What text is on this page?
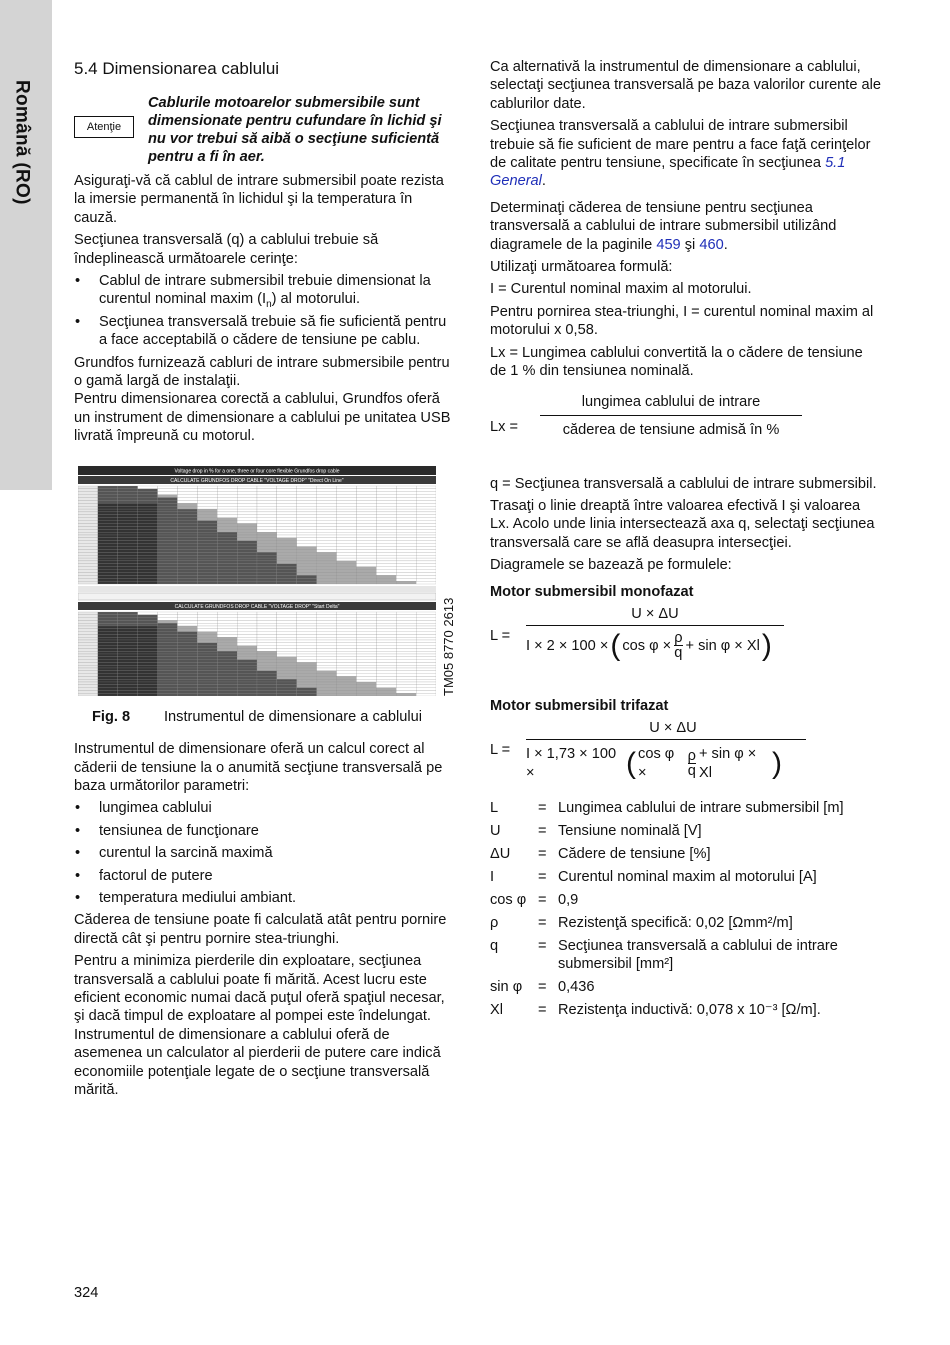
Română (RO)
5.4 Dimensionarea cablului
Atenţie
Cablurile motoarelor submersibile sunt dimensionate pentru cufundare în lichid şi nu vor trebui să aibă o secţiune suficientă pentru a fi în aer.

Asiguraţi-vă că cablul de intrare submersibil poate rezista la imersie permanentă în lichidul şi la temperatura în cauză.

Secţiunea transversală (q) a cablului trebuie să îndeplinească următoarele cerinţe:

• Cablul de intrare submersibil trebuie dimensionat la curentul nominal maxim $(I_n)$ al motorului.
• Secţiunea transversală trebuie să fie suficientă pentru a face acceptabilă o cădere de tensiune pe cablu.

Grundfos furnizează cabluri de intrare submersibile pentru o gamă largă de instalaţii.

Pentru dimensionarea corectă a cablului, Grundfos oferă un instrument de dimensionare a cablului pe unitatea USB livrată împreună cu motorul.

Voltage drop in % for a one, three or four core flexible Grundfos drop cable
CALCULATE GRUNDFOS DROP CABLE "VOLTAGE DROP" "Direct On Line"
CALCULATE GRUNDFOS DROP CABLE "VOLTAGE DROP" "Start Delta"	TM05 8770 2613
Fig. 8	Instrumentul de dimensionare a cablului

Instrumentul de dimensionare oferă un calcul corect al căderii de tensiune la o anumită secţiune transversală pe baza următorilor parametri:

• lungimea cablului
• tensiunea de funcţionare
• curentul la sarcină maximă
• factorul de putere
• temperatura mediului ambiant.

Căderea de tensiune poate fi calculată atât pentru pornire directă cât şi pentru pornire stea-triunghi.

Pentru a minimiza pierderile din exploatare, secţiunea transversală a cablului poate fi mărită. Acest lucru este eficient economic numai dacă puţul oferă spaţiul necesar, şi dacă timpul de exploatare al pompei este îndelungat. Instrumentul de dimensionare a cablului oferă de asemenea un calculator al pierderii de putere care indică economiile potenţiale legate de o secţiune transversală mărită.

Ca alternativă la instrumentul de dimensionare a cablului, selectaţi secţiunea transversală pe baza valorilor curente ale cablurilor date.

Secţiunea transversală a cablului de intrare submersibil trebuie să fie suficient de mare pentru a face faţă cerinţelor de calitate pentru tensiune, specificate în secţiunea 5.1 General.

Determinaţi căderea de tensiune pentru secţiunea transversală a cablului de intrare submersibil utilizând diagramele de la paginile 459 şi 460.

Utilizaţi următoarea formulă:

I = Curentul nominal maxim al motorului.

Pentru pornirea stea-triunghi, I = curentul nominal maxim al motorului x 0,58.

Lx = Lungimea cablului convertită la o cădere de tensiune de 1 % din tensiunea nominală.

Lx =
lungimea cablului de intrare
căderea de tensiune admisă în %

q = Secţiunea transversală a cablului de intrare submersibil.

Trasaţi o linie dreaptă între valoarea efectivă I şi valoarea Lx. Acolo unde linia intersectează axa q, selectaţi secţiunea transversală care se află deasupra intersecţiei.

Diagramele se bazează pe formulele:

Motor submersibil monofazat
L =
U × ΔU
I × 2 × 100 × ( $\cos \varphi \times \frac{\rho}{q} + \sin \varphi \times Xl$ )
Motor submersibil trifazat
L =
U × ΔU
I × 1,73 × 100 ×	( cos φ ×	$\frac{\rho}{q} + \sin \varphi \times Xl$	)
L	= Lungimea cablului de intrare submersibil [m]
U	= Tensiune nominală [V]
ΔU	= Cădere de tensiune [%]
I	= Curentul nominal maxim al motorului [A]
cos φ = 0,9
ρ	= Rezistenţă specifică: 0,02 [Ωmm²/m]
q	= Secţiunea transversală a cablului de intrare submersibil [mm²]
sin φ	= 0,436
Xl	= Rezistenţa inductivă: 0,078 x 10⁻³ [Ω/m].
324
